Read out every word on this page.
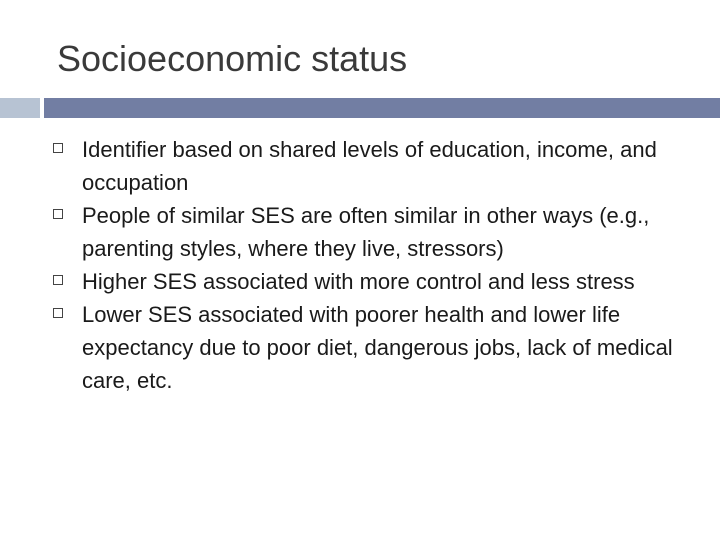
Socioeconomic status
Identifier based on shared levels of education, income, and occupation
People of similar SES are often similar in other ways (e.g., parenting styles, where they live, stressors)
Higher SES associated with more control and less stress
Lower SES associated with poorer health and lower life expectancy due to poor diet, dangerous jobs, lack of medical care, etc.
